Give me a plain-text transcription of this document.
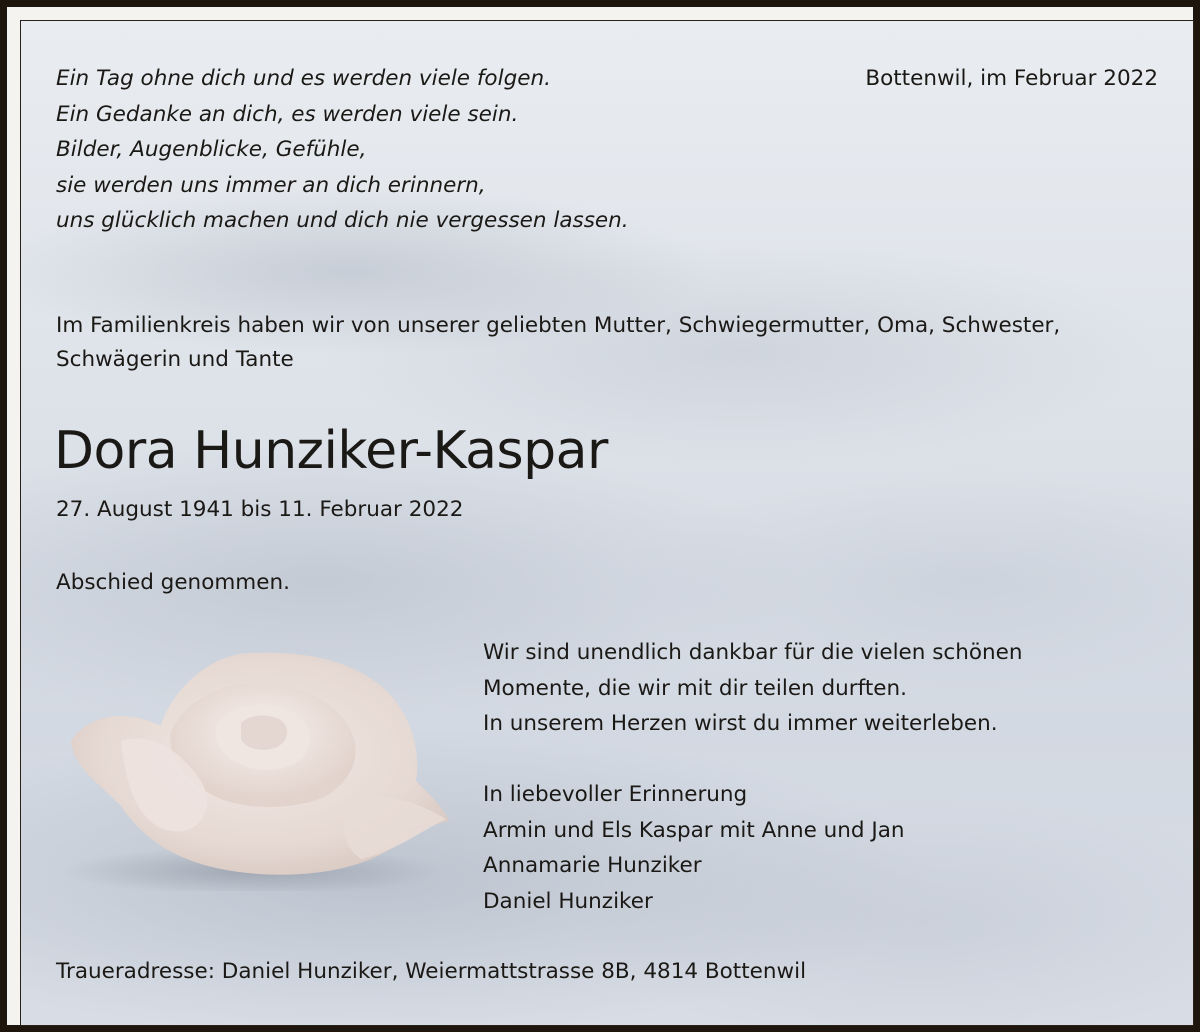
Ein Tag ohne dich und es werden viele folgen.
Ein Gedanke an dich, es werden viele sein.
Bilder, Augenblicke, Gefühle,
sie werden uns immer an dich erinnern,
uns glücklich machen und dich nie vergessen lassen.
Bottenwil, im Februar 2022
Im Familienkreis haben wir von unserer geliebten Mutter, Schwiegermutter, Oma, Schwester,
Schwägerin und Tante
Dora Hunziker-Kaspar
27. August 1941 bis 11. Februar 2022
Abschied genommen.
Wir sind unendlich dankbar für die vielen schönen
Momente, die wir mit dir teilen durften.
In unserem Herzen wirst du immer weiterleben.
In liebevoller Erinnerung
Armin und Els Kaspar mit Anne und Jan
Annamarie Hunziker
Daniel Hunziker
Traueradresse: Daniel Hunziker, Weiermattstrasse 8B, 4814 Bottenwil
